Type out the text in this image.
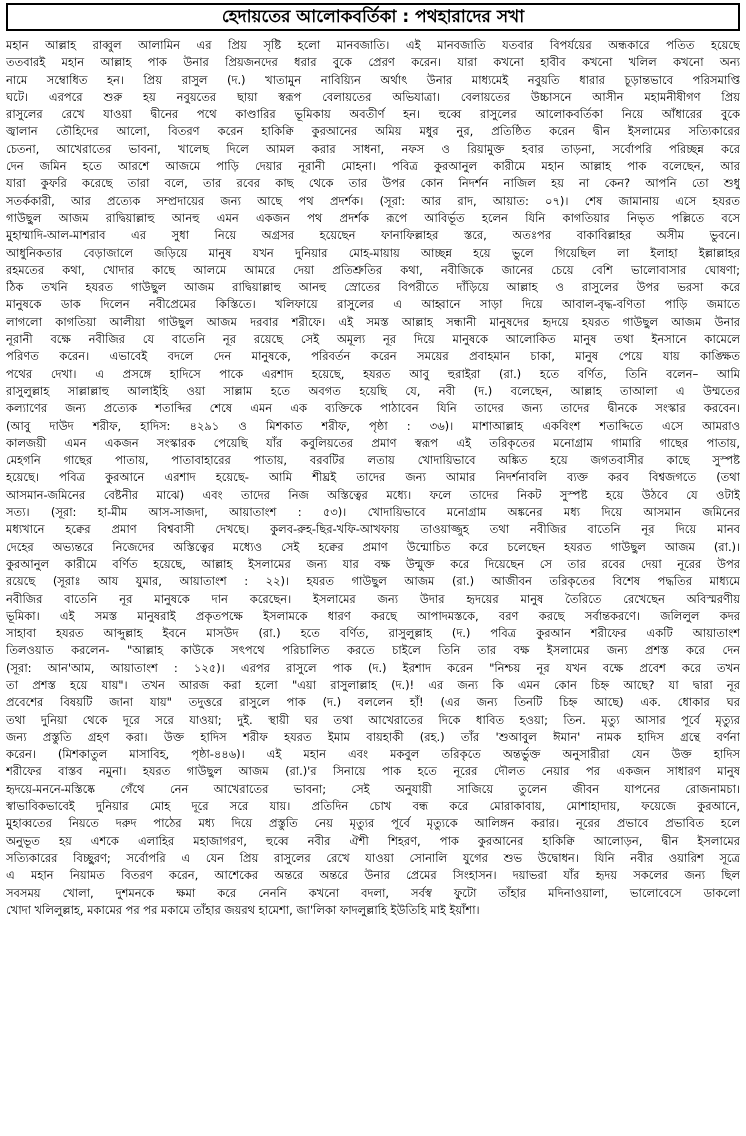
হেদায়তের আলোকবর্তিকা : পথহারাদের সখা
মহান আল্লাহ রাব্বুল আলামিন এর প্রিয় সৃষ্টি হলো মানবজাতি। এই মানবজাতি যতবার বিপর্যয়ের অন্ধকারে পতিত হয়েছে
ততবারই মহান আল্লাহ পাক উনার প্রিয়জনদের ধরার বুকে প্রেরণ করেন। যারা কখনো হাবীব কখনো খলিল কখনো অন্য
নামে সম্বোধিত হন। প্রিয় রাসুল (দ.) খাতামুন নাবিয়্যিন অর্থাৎ উনার মাধ্যমেই নবুয়তি ধারার চূড়ান্তভাবে পরিসমাপ্তি
ঘটে। এরপরে শুরু হয় নবুয়তের ছায়া স্বরূপ বেলায়তের অভিযাত্রা। বেলায়তের উচ্চাসনে আসীন মহামনীষীগণ প্রিয়
রাসুলের রেখে যাওয়া দ্বীনের পথে কাণ্ডারির ভূমিকায় অবতীর্ণ হন। হুব্বে রাসুলের আলোকবর্তিকা নিয়ে আঁধারের বুকে
জ্বালান তৌহিদের আলো, বিতরণ করেন হাকিক্বি কুরআনের অমিয় মধুর নুর, প্রতিষ্ঠিত করেন দ্বীন ইসলামের সত্যিকারের
চেতনা, আখেরাতের ভাবনা, খালেছ দিলে আমল করার সাধনা, নফস ও রিয়ামুক্ত হবার তাড়না, সর্বোপরি পরিচ্ছন্ন করে
দেন জমিন হতে আরশে আজমে পাড়ি দেয়ার নূরানী মোহনা। পবিত্র কুরআনুল কারীমে মহান আল্লাহ পাক বলেছেন, আর
যারা কুফরি করেছে তারা বলে, তার রবের কাছ থেকে তার উপর কোন নিদর্শন নাজিল হয় না কেন? আপনি তো শুধু
সতর্ককারী, আর প্রত্যেক সম্প্রদায়ের জন্য আছে পথ প্রদর্শক। (সূরা: আর রাদ, আয়াত: ০৭)। শেষ জামানায় এসে হযরত
গাউছুল আজম রাদ্বিয়াল্লাহু আনহু এমন একজন পথ প্রদর্শক রূপে আবির্ভূত হলেন যিনি কাগতিয়ার নিভৃত পল্লিতে বসে
মুহাম্মাদি-আল-মাশরাব এর সুধা নিয়ে অগ্রসর হয়েছেন ফানাফিল্লাহর স্তরে, অতঃপর বাকাবিল্লাহর অসীম ভুবনে।
আধুনিকতার বেড়াজালে জড়িয়ে মানুষ যখন দুনিয়ার মোহ-মায়ায় আচ্ছন্ন হয়ে ভুলে গিয়েছিল লা ইলাহা ইল্লাল্লাহর
রহমতের কথা, খোদার কাছে আলমে আমরে দেয়া প্রতিশ্রুতির কথা, নবীজিকে জানের চেয়ে বেশি ভালোবাসার ঘোষণা;
ঠিক তখনি হযরত গাউছুল আজম রাদ্বিয়াল্লাহু আনহু স্রোতের বিপরীতে দাঁড়িয়ে আল্লাহ ও রাসুলের উপর ভরসা করে
মানুষকে ডাক দিলেন নবীপ্রেমের কিস্তিতে। খলিফায়ে রাসুলের এ আহ্বানে সাড়া দিয়ে আবাল-বৃদ্ধ-বণিতা পাড়ি জমাতে
লাগলো কাগতিয়া আলীয়া গাউছুল আজম দরবার শরীফে। এই সমস্ত আল্লাহ সন্ধানী মানুষদের হৃদয়ে হযরত গাউছুল আজম উনার
নূরানী বক্ষে নবীজির যে বাতেনি নূর রয়েছে সেই অমূল্য নূর দিয়ে মানুষকে আলোকিত মানুষ তথা ইনসানে কামেলে
পরিণত করেন। এভাবেই বদলে দেন মানুষকে, পরিবর্তন করেন সময়ের প্রবাহমান চাকা, মানুষ পেয়ে যায় কাঙ্ক্ষিত
পথের দেখা। এ প্রসঙ্গে হাদিসে পাকে এরশাদ হয়েছে, হযরত আবু হুরাইরা (রা.) হতে বর্ণিত, তিনি বলেন– আমি
রাসুলুল্লাহ সাল্লাল্লাহু আলাইহি ওয়া সাল্লাম হতে অবগত হয়েছি যে, নবী (দ.) বলেছেন, আল্লাহ তাআলা এ উম্মতের
কল্যাণের জন্য প্রত্যেক শতাব্দির শেষে এমন এক ব্যক্তিকে পাঠাবেন যিনি তাদের জন্য তাদের দ্বীনকে সংস্কার করবেন।
(আবু দাউদ শরীফ, হাদিস: ৪২৯১ ও মিশকাত শরীফ, পৃষ্ঠা : ৩৬)। মাশাআল্লাহ একবিংশ শতাব্দিতে এসে আমরাও
কালজয়ী এমন একজন সংস্কারক পেয়েছি যাঁর কবুলিয়তের প্রমাণ স্বরূপ এই তরিকৃতের মনোগ্রাম গামারি গাছের পাতায়,
মেহগনি গাছের পাতায়, পাতাবাহারের পাতায়, বরবটির লতায় খোদায়িভাবে অঙ্কিত হয়ে জগতবাসীর কাছে সুস্পষ্ট
হয়েছে। পবিত্র কুরআনে এরশাদ হয়েছে- আমি শীঘ্রই তাদের জন্য আমার নিদর্শনাবলি ব্যক্ত করব বিশ্বজগতে (তথা
আসমান-জমিনের বেষ্টনীর মাঝে) এবং তাদের নিজ অস্তিত্বের মধ্যে। ফলে তাদের নিকট সুস্পষ্ট হয়ে উঠবে যে ওটাই
সত্য। (সূরা: হা-মীম আস-সাজদা, আয়াতাংশ : ৫৩)। খোদায়িভাবে মনোগ্রাম অঙ্কনের মধ্য দিয়ে আসমান জমিনের
মধ্যখানে হক্বের প্রমাণ বিশ্ববাসী দেখছে। কুলব-রুহ-ছির-খফি-আখফায় তাওয়াজ্জুহ তথা নবীজির বাতেনি নূর দিয়ে মানব
দেহের অভ্যন্তরে নিজেদের অস্তিত্বের মধ্যেও সেই হক্বের প্রমাণ উন্মোচিত করে চলেছেন হযরত গাউছুল আজম (রা.)।
কুরআনুল কারীমে বর্ণিত হয়েছে, আল্লাহ ইসলামের জন্য যার বক্ষ উন্মুক্ত করে দিয়েছেন সে তার রবের দেয়া নূরের উপর
রয়েছে (সূরাঃ আয যুমার, আয়াতাংশ : ২২)। হযরত গাউছুল আজম (রা.) আজীবন তরিকৃতের বিশেষ পদ্ধতির মাধ্যমে
নবীজির বাতেনি নূর মানুষকে দান করেছেন। ইসলামের জন্য উদার হৃদয়ের মানুষ তৈরিতে রেখেছেন অবিস্মরণীয়
ভূমিকা। এই সমস্ত মানুষরাই প্রকৃতপক্ষে ইসলামকে ধারণ করছে আপাদমস্তকে, বরণ করছে সর্বান্তকরণে। জলিলুল কদর
সাহাবা হযরত আব্দুল্লাহ ইবনে মাসউদ (রা.) হতে বর্ণিত, রাসুলুল্লাহ (দ.) পবিত্র কুরআন শরীফের একটি আয়াতাংশ
তিলওয়াত করলেন- "আল্লাহ কাউকে সৎপথে পরিচালিত করতে চাইলে তিনি তার বক্ষ ইসলামের জন্য প্রশস্ত করে দেন
(সূরা: আন'আম, আয়াতাংশ : ১২৫)। এরপর রাসুলে পাক (দ.) ইরশাদ করেন "নিশ্চয় নূর যখন বক্ষে প্রবেশ করে তখন
তা প্রশস্ত হয়ে যায়"। তখন আরজ করা হলো "এয়া রাসুলাল্লাহ (দ.)! এর জন্য কি এমন কোন চিহ্ন আছে? যা দ্বারা নূর
প্রবেশের বিষয়টি জানা যায়" তদুত্তরে রাসুলে পাক (দ.) বললেন হাঁ! (এর জন্য তিনটি চিহ্ন আছে) এক. ধোকার ঘর
তথা দুনিয়া থেকে দূরে সরে যাওয়া; দুই. স্থায়ী ঘর তথা আখেরাতের দিকে ধাবিত হওয়া; তিন. মৃত্যু আসার পূর্বে মৃত্যুর
জন্য প্রস্তুতি গ্রহণ করা। উক্ত হাদিস শরীফ হযরত ইমাম বায়হাকী (রহ.) তাঁর 'শুআবুল ঈমান' নামক হাদিস গ্রন্থে বর্ণনা
করেন। (মিশকাতুল মাসাবিহ, পৃষ্ঠা-৪৪৬)। এই মহান এবং মকবুল তরিকৃতে অন্তর্ভুক্ত অনুসারীরা যেন উক্ত হাদিস
শরীফের বাস্তব নমুনা। হযরত গাউছুল আজম (রা.)'র সিনায়ে পাক হতে নূরের দৌলত নেয়ার পর একজন সাধারণ মানুষ
হৃদয়ে-মননে-মস্তিষ্কে গেঁথে নেন আখেরাতের ভাবনা; সেই অনুযায়ী সাজিয়ে তুলেন জীবন যাপনের রোজনামচা।
স্বাভাবিকভাবেই দুনিয়ার মোহ দূরে সরে যায়। প্রতিদিন চোখ বন্ধ করে মোরাকাবায়, মোশাহাদায়, ফয়েজে কুরআনে,
মুহাব্বতের নিয়তে দরুদ পাঠের মধ্য দিয়ে প্রস্তুতি নেয় মৃত্যুর পূর্বে মৃত্যুকে আলিঙ্গন করার। নূরের প্রভাবে প্রভাবিত হলে
অনুভূত হয় এশকে এলাহির মহাজাগরণ, হুব্বে নবীর ঐশী শিহরণ, পাক কুরআনের হাকিক্বি আলোড়ন, দ্বীন ইসলামের
সত্যিকারের বিচ্ছুরণ; সর্বোপরি এ যেন প্রিয় রাসুলের রেখে যাওয়া সোনালি যুগের শুভ উদ্বোধন। যিনি নবীর ওয়ারিশ সূত্রে
এ মহান নিয়ামত বিতরণ করেন, আশেকের অন্তরে অন্তরে উনার প্রেমের সিংহাসন। দয়াভরা যাঁর হৃদয় সকলের জন্য ছিল
সবসময় খোলা, দুশমনকে ক্ষমা করে নেননি কখনো বদলা, সর্বস্ব ফুটো তাঁহার মদিনাওয়ালা, ভালোবেসে ডাকলো
খোদা খলিলুল্লাহ, মকামের পর পর মকামে তাঁহার জয়রথ হামেশা, জা'লিকা ফাদলুল্লাহি ইউতিহি মাই ইয়াঁশা।
